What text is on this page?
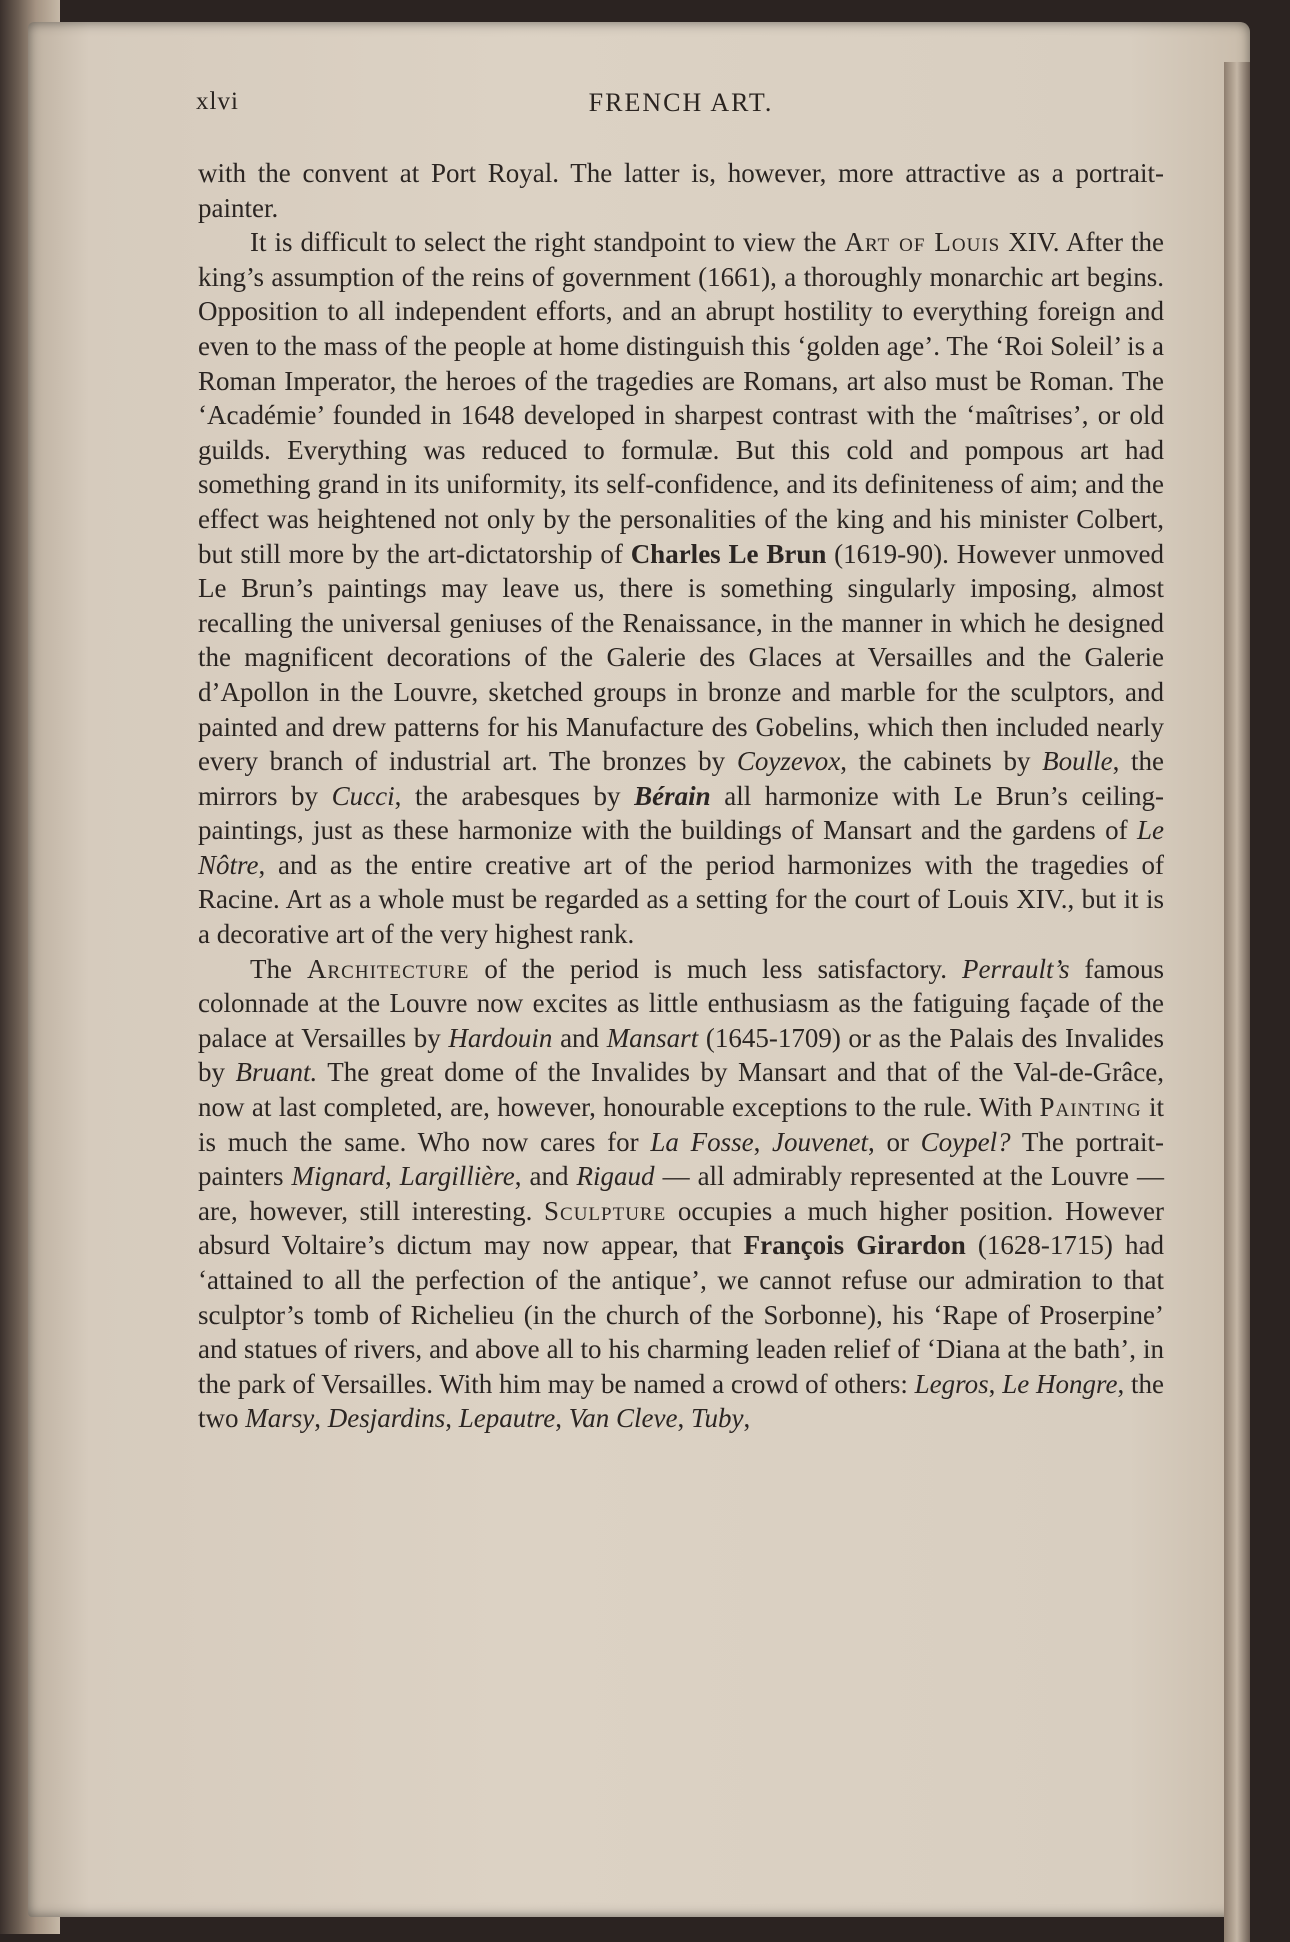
xlvi	FRENCH ART.

with the convent at Port Royal. The latter is, however, more attractive as a portrait-painter.

It is difficult to select the right standpoint to view the Art of Louis XIV. After the king’s assumption of the reins of government (1661), a thoroughly monarchic art begins. Opposition to all independent efforts, and an abrupt hostility to everything foreign and even to the mass of the people at home distinguish this ‘golden age’. The ‘Roi Soleil’ is a Roman Imperator, the heroes of the tragedies are Romans, art also must be Roman. The ‘Académie’ founded in 1648 developed in sharpest contrast with the ‘maîtrises’, or old guilds. Everything was reduced to formulæ. But this cold and pompous art had something grand in its uniformity, its self-confidence, and its definiteness of aim; and the effect was heightened not only by the personalities of the king and his minister Colbert, but still more by the art-dictatorship of Charles Le Brun (1619-90). However unmoved Le Brun’s paintings may leave us, there is something singularly imposing, almost recalling the universal geniuses of the Renaissance, in the manner in which he designed the magnificent decorations of the Galerie des Glaces at Versailles and the Galerie d’Apollon in the Louvre, sketched groups in bronze and marble for the sculptors, and painted and drew patterns for his Manufacture des Gobelins, which then included nearly every branch of industrial art. The bronzes by Coyzevox, the cabinets by Boulle, the mirrors by Cucci, the arabesques by Bérain all harmonize with Le Brun’s ceiling-paintings, just as these harmonize with the buildings of Mansart and the gardens of Le Nôtre, and as the entire creative art of the period harmonizes with the tragedies of Racine. Art as a whole must be regarded as a setting for the court of Louis XIV., but it is a decorative art of the very highest rank.

The Architecture of the period is much less satisfactory. Perrault’s famous colonnade at the Louvre now excites as little enthusiasm as the fatiguing façade of the palace at Versailles by Hardouin and Mansart (1645-1709) or as the Palais des Invalides by Bruant. The great dome of the Invalides by Mansart and that of the Val-de-Grâce, now at last completed, are, however, honourable exceptions to the rule. With Painting it is much the same. Who now cares for La Fosse, Jouvenet, or Coypel? The portrait-painters Mignard, Largillière, and Rigaud — all admirably represented at the Louvre — are, however, still interesting. Sculpture occupies a much higher position. However absurd Voltaire’s dictum may now appear, that François Girardon (1628-1715) had ‘attained to all the perfection of the antique’, we cannot refuse our admiration to that sculptor’s tomb of Richelieu (in the church of the Sorbonne), his ‘Rape of Proserpine’ and statues of rivers, and above all to his charming leaden relief of ‘Diana at the bath’, in the park of Versailles. With him may be named a crowd of others: Legros, Le Hongre, the two Marsy, Desjardins, Lepautre, Van Cleve, Tuby,
